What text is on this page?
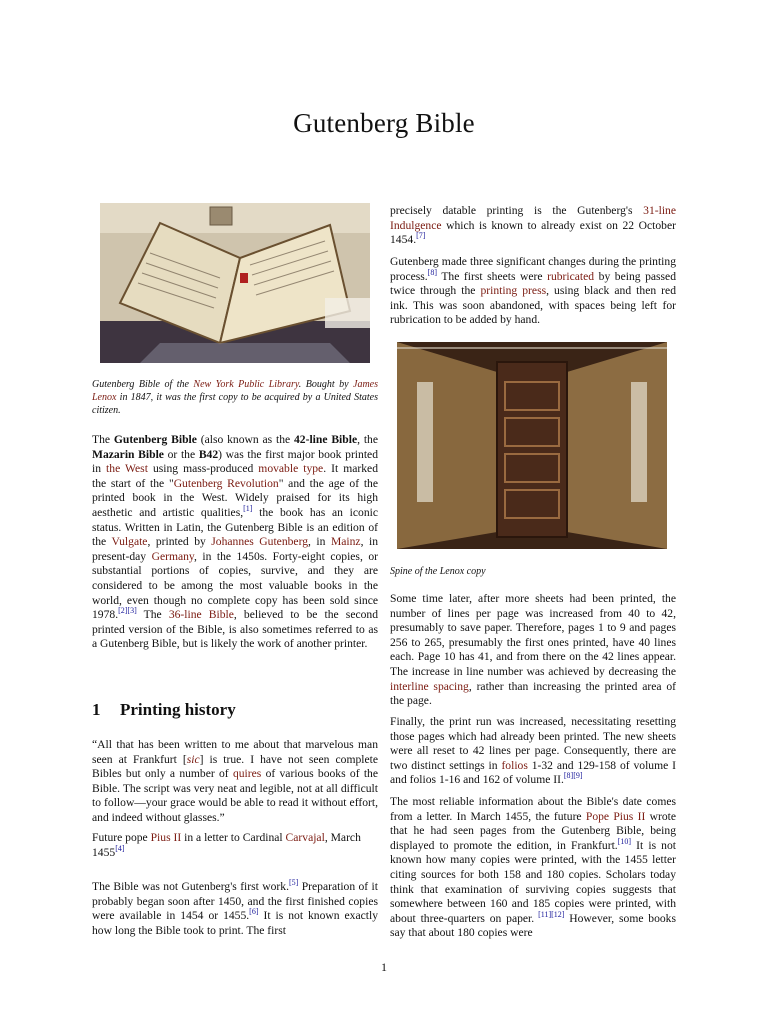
Gutenberg Bible
Gutenberg Bible of the New York Public Library. Bought by James Lenox in 1847, it was the first copy to be acquired by a United States citizen.
Spine of the Lenox copy

The Gutenberg Bible (also known as the 42-line Bible, the Mazarin Bible or the B42) was the first major book printed in the West using mass-produced movable type. It marked the start of the "Gutenberg Revolution" and the age of the printed book in the West. Widely praised for its high aesthetic and artistic qualities,[1] the book has an iconic status. Written in Latin, the Gutenberg Bible is an edition of the Vulgate, printed by Johannes Gutenberg, in Mainz, in present-day Germany, in the 1450s. Forty-eight copies, or substantial portions of copies, survive, and they are considered to be among the most valuable books in the world, even though no complete copy has been sold since 1978.[2][3] The 36-line Bible, believed to be the second printed version of the Bible, is also sometimes referred to as a Gutenberg Bible, but is likely the work of another printer.

1 Printing history

“All that has been written to me about that marvelous man seen at Frankfurt [sic] is true. I have not seen complete Bibles but only a number of quires of various books of the Bible. The script was very neat and legible, not at all difficult to follow—your grace would be able to read it without effort, and indeed without glasses.”

Future pope Pius II in a letter to Cardinal Carvajal, March 1455[4]

The Bible was not Gutenberg's first work.[5] Preparation of it probably began soon after 1450, and the first finished copies were available in 1454 or 1455.[6] It is not known exactly how long the Bible took to print. The first

precisely datable printing is the Gutenberg's 31-line Indulgence which is known to already exist on 22 October 1454.[7]

Gutenberg made three significant changes during the printing process.[8] The first sheets were rubricated by being passed twice through the printing press, using black and then red ink. This was soon abandoned, with spaces being left for rubrication to be added by hand.

Some time later, after more sheets had been printed, the number of lines per page was increased from 40 to 42, presumably to save paper. Therefore, pages 1 to 9 and pages 256 to 265, presumably the first ones printed, have 40 lines each. Page 10 has 41, and from there on the 42 lines appear. The increase in line number was achieved by decreasing the interline spacing, rather than increasing the printed area of the page.

Finally, the print run was increased, necessitating resetting those pages which had already been printed. The new sheets were all reset to 42 lines per page. Consequently, there are two distinct settings in folios 1-32 and 129-158 of volume I and folios 1-16 and 162 of volume II.[8][9]

The most reliable information about the Bible's date comes from a letter. In March 1455, the future Pope Pius II wrote that he had seen pages from the Gutenberg Bible, being displayed to promote the edition, in Frankfurt.[10] It is not known how many copies were printed, with the 1455 letter citing sources for both 158 and 180 copies. Scholars today think that examination of surviving copies suggests that somewhere between 160 and 185 copies were printed, with about three-quarters on paper. [11][12] However, some books say that about 180 copies were

1
